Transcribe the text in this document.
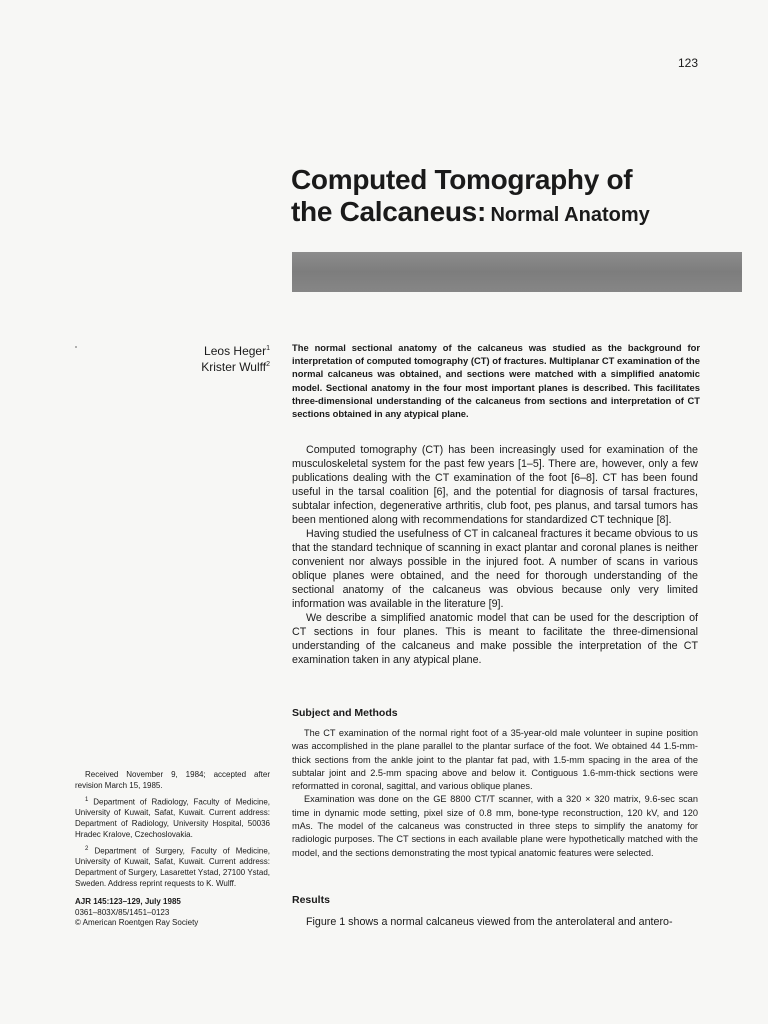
123
Computed Tomography of
the Calcaneus: Normal Anatomy
Leos Heger$^1$
Krister Wulff$^2$
The normal sectional anatomy of the calcaneus was studied as the background for interpretation of computed tomography (CT) of fractures. Multiplanar CT examination of the normal calcaneus was obtained, and sections were matched with a simplified anatomic model. Sectional anatomy in the four most important planes is described. This facilitates three-dimensional understanding of the calcaneus from sections and interpretation of CT sections obtained in any atypical plane.

Computed tomography (CT) has been increasingly used for examination of the musculoskeletal system for the past few years [1–5]. There are, however, only a few publications dealing with the CT examination of the foot [6–8]. CT has been found useful in the tarsal coalition [6], and the potential for diagnosis of tarsal fractures, subtalar infection, degenerative arthritis, club foot, pes planus, and tarsal tumors has been mentioned along with recommendations for standardized CT technique [8].

Having studied the usefulness of CT in calcaneal fractures it became obvious to us that the standard technique of scanning in exact plantar and coronal planes is neither convenient nor always possible in the injured foot. A number of scans in various oblique planes were obtained, and the need for thorough understanding of the sectional anatomy of the calcaneus was obvious because only very limited information was available in the literature [9].

We describe a simplified anatomic model that can be used for the description of CT sections in four planes. This is meant to facilitate the three-dimensional understanding of the calcaneus and make possible the interpretation of the CT examination taken in any atypical plane.

Subject and Methods

The CT examination of the normal right foot of a 35-year-old male volunteer in supine position was accomplished in the plane parallel to the plantar surface of the foot. We obtained 44 1.5-mm-thick sections from the ankle joint to the plantar fat pad, with 1.5-mm spacing in the area of the subtalar joint and 2.5-mm spacing above and below it. Contiguous 1.6-mm-thick sections were reformatted in coronal, sagittal, and various oblique planes.

Examination was done on the GE 8800 CT/T scanner, with a 320 × 320 matrix, 9.6-sec scan time in dynamic mode setting, pixel size of 0.8 mm, bone-type reconstruction, 120 kV, and 120 mAs. The model of the calcaneus was constructed in three steps to simplify the anatomy for radiologic purposes. The CT sections in each available plane were hypothetically matched with the model, and the sections demonstrating the most typical anatomic features were selected.

Results
Figure 1 shows a normal calcaneus viewed from the anterolateral and antero-

Received November 9, 1984; accepted after revision March 15, 1985.

$^1$ Department of Radiology, Faculty of Medicine, University of Kuwait, Safat, Kuwait. Current address: Department of Radiology, University Hospital, 50036 Hradec Kralove, Czechoslovakia.

$^2$ Department of Surgery, Faculty of Medicine, University of Kuwait, Safat, Kuwait. Current address: Department of Surgery, Lasarettet Ystad, 27100 Ystad, Sweden. Address reprint requests to K. Wulff.

AJR 145:123–129, July 1985
0361–803X/85/1451–0123
© American Roentgen Ray Society
